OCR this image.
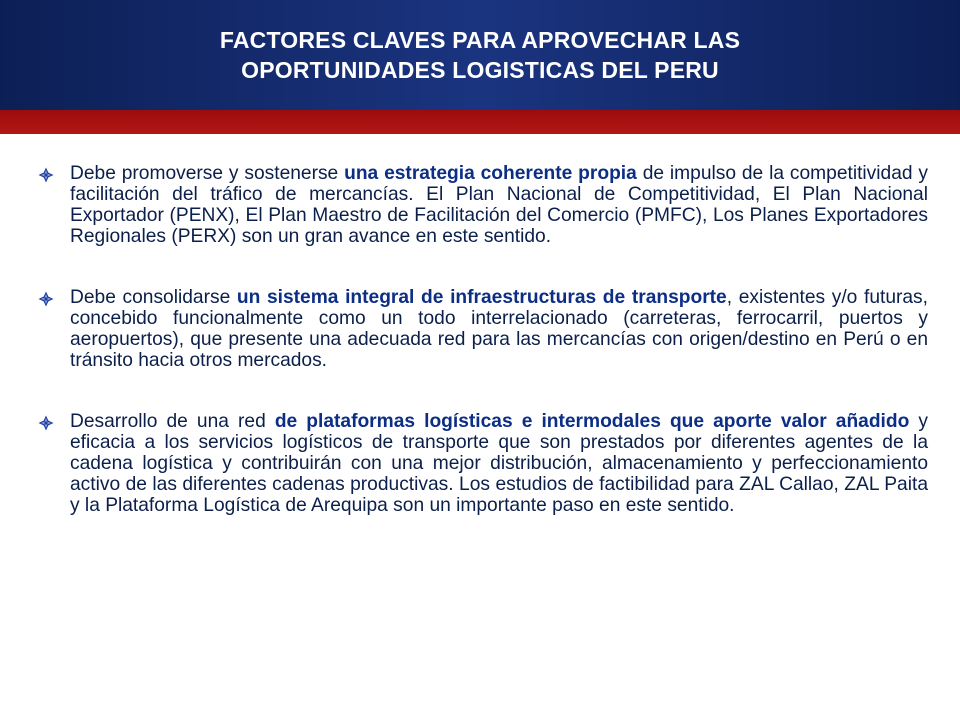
FACTORES CLAVES PARA APROVECHAR LAS
OPORTUNIDADES LOGISTICAS DEL PERU
Debe promoverse y sostenerse una estrategia coherente propia de impulso de la competitividad y facilitación del tráfico de mercancías. El Plan Nacional de Competitividad, El Plan Nacional Exportador (PENX), El Plan Maestro de Facilitación del Comercio (PMFC), Los Planes Exportadores Regionales (PERX) son un gran avance en este sentido.
Debe consolidarse un sistema integral de infraestructuras de transporte, existentes y/o futuras, concebido funcionalmente como un todo interrelacionado (carreteras, ferrocarril, puertos y aeropuertos), que presente una adecuada red para las mercancías con origen/destino en Perú o en tránsito hacia otros mercados.
Desarrollo de una red de plataformas logísticas e intermodales que aporte valor añadido y eficacia a los servicios logísticos de transporte que son prestados por diferentes agentes de la cadena logística y contribuirán con una mejor distribución, almacenamiento y perfeccionamiento activo de las diferentes cadenas productivas. Los estudios de factibilidad para ZAL Callao, ZAL Paita y la Plataforma Logística de Arequipa son un importante paso en este sentido.
